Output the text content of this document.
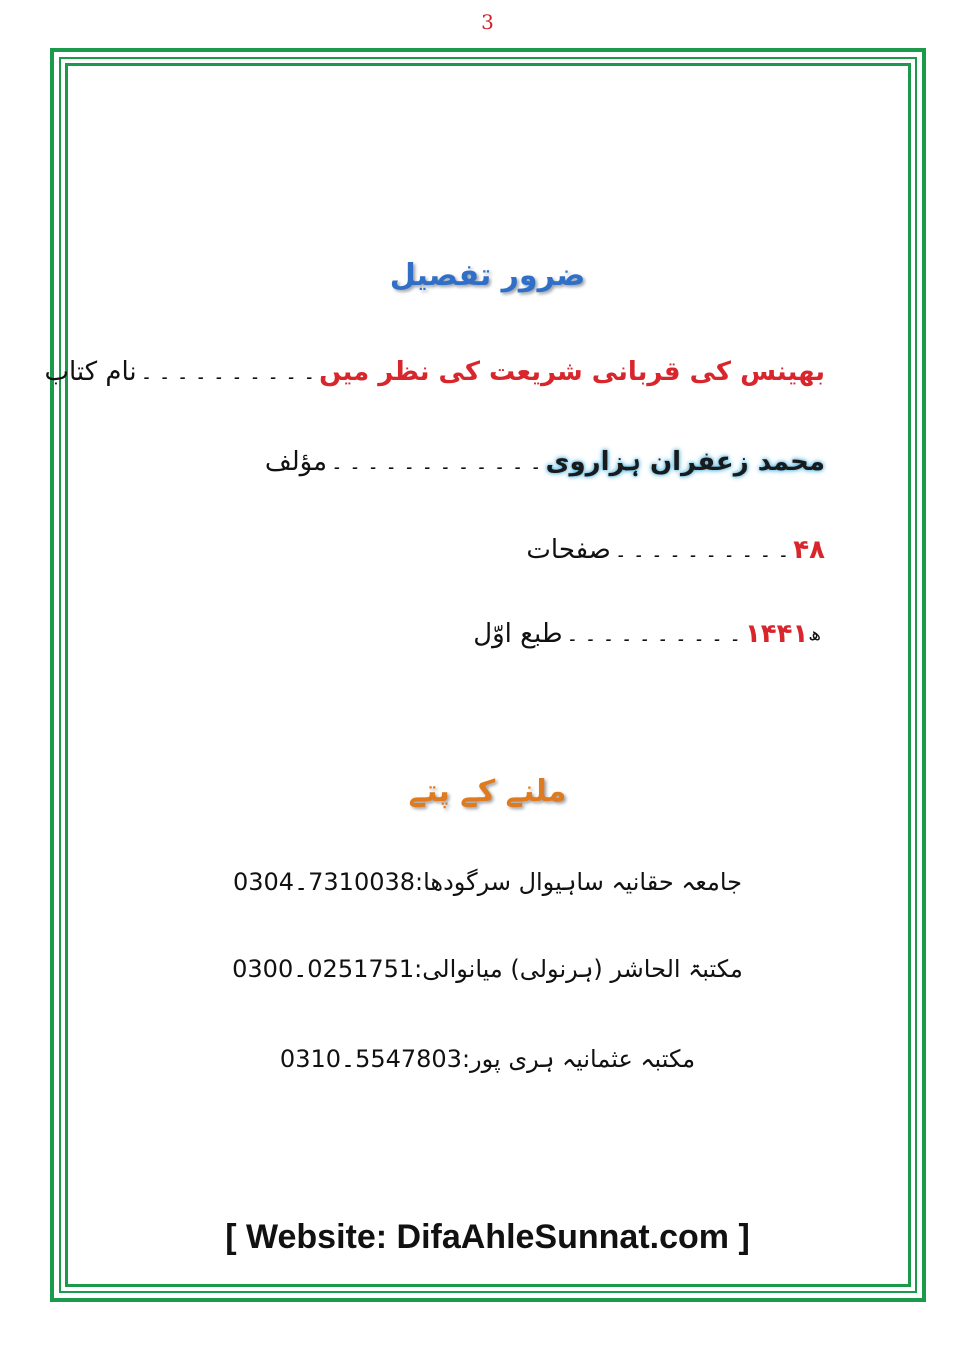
3
ضرور تفصیل
نام کتاب ۔ ۔ ۔ ۔ ۔ ۔ ۔ ۔ ۔ ۔ بھینس کی قربانی شریعت کی نظر میں
مؤلف ۔ ۔ ۔ ۔ ۔ ۔ ۔ ۔ ۔ ۔ ۔ ۔ محمد زعفران ہزاروی
صفحات ۔ ۔ ۔ ۔ ۔ ۔ ۔ ۔ ۔ ۔ ۴۸
طبع اوّل ۔ ۔ ۔ ۔ ۔ ۔ ۔ ۔ ۔ ۔ ۱۴۴۱ ھ
ملنے کے پتے
جامعہ حقانیہ ساہیوال سرگودھا:7310038۔0304
مکتبۃ الحاشر (ہرنولی) میانوالی:0251751۔0300
مکتبہ عثمانیہ ہری پور:5547803۔0310
[ Website: DifaAhleSunnat.com ]
